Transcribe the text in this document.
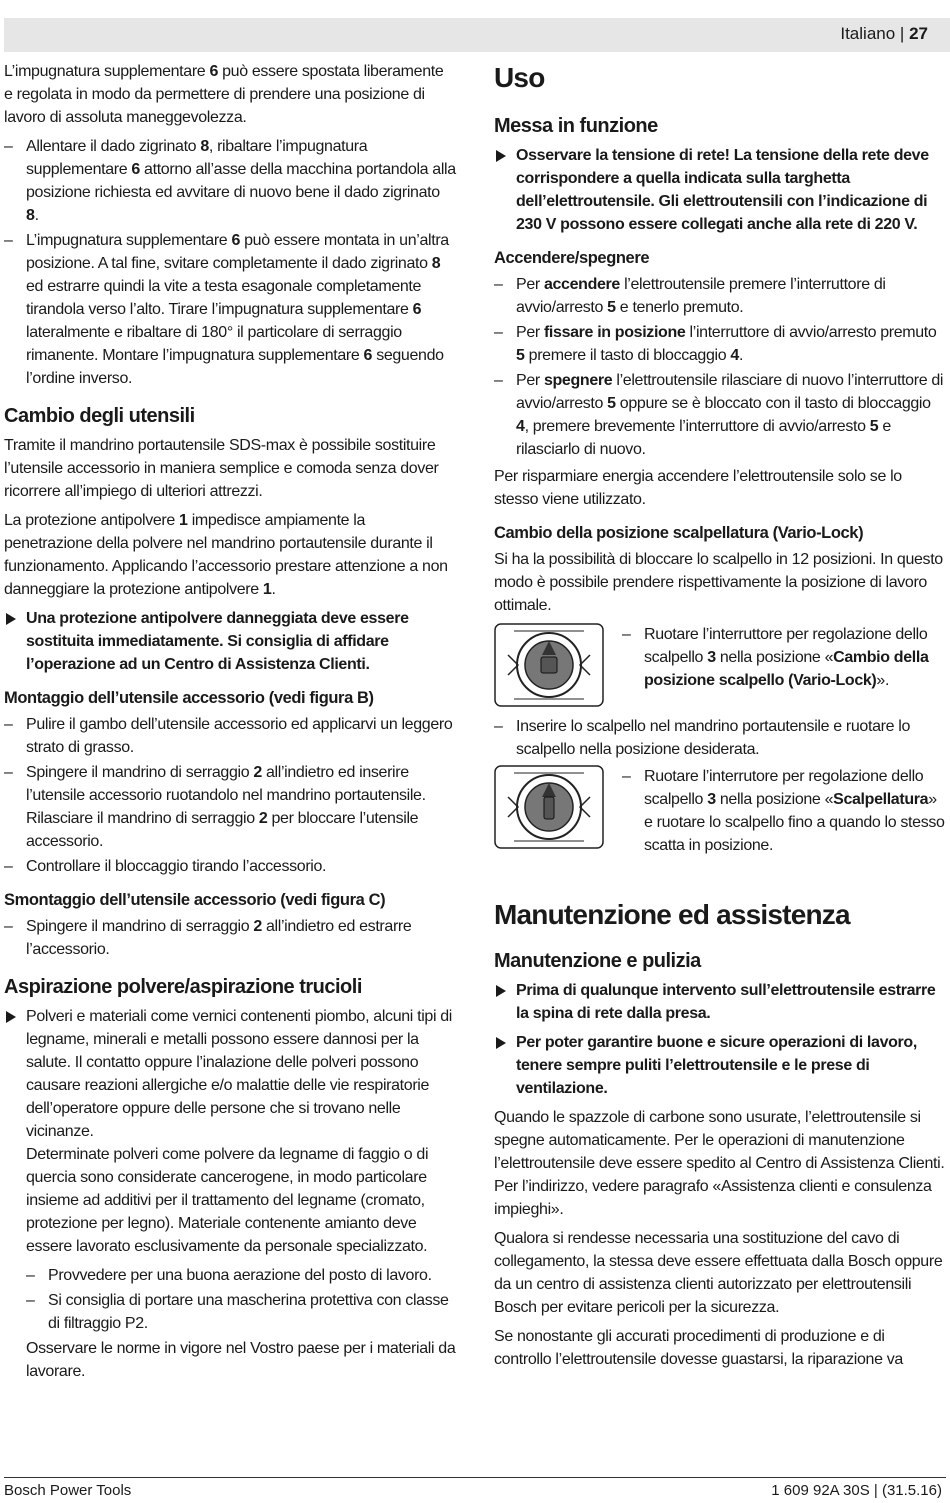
Italiano | 27

L’impugnatura supplementare 6 può essere spostata liberamente e regolata in modo da permettere di prendere una posizione di lavoro di assoluta maneggevolezza.

– Allentare il dado zigrinato 8, ribaltare l’impugnatura supplementare 6 attorno all’asse della macchina portandola alla posizione richiesta ed avvitare di nuovo bene il dado zigrinato 8.
– L’impugnatura supplementare 6 può essere montata in un’altra posizione. A tal fine, svitare completamente il dado zigrinato 8 ed estrarre quindi la vite a testa esagonale completamente tirandola verso l’alto. Tirare l’impugnatura supplementare 6 lateralmente e ribaltare di 180° il particolare di serraggio rimanente. Montare l’impugnatura supplementare 6 seguendo l’ordine inverso.
Cambio degli utensili

Tramite il mandrino portautensile SDS-max è possibile sostituire l’utensile accessorio in maniera semplice e comoda senza dover ricorrere all’impiego di ulteriori attrezzi.

La protezione antipolvere 1 impedisce ampiamente la penetrazione della polvere nel mandrino portautensile durante il funzionamento. Applicando l’accessorio prestare attenzione a non danneggiare la protezione antipolvere 1.

Una protezione antipolvere danneggiata deve essere sostituita immediatamente. Si consiglia di affidare l’operazione ad un Centro di Assistenza Clienti.
Montaggio dell’utensile accessorio (vedi figura B)
– Pulire il gambo dell’utensile accessorio ed applicarvi un leggero strato di grasso.
– Spingere il mandrino di serraggio 2 all’indietro ed inserire l’utensile accessorio ruotandolo nel mandrino portautensile. Rilasciare il mandrino di serraggio 2 per bloccare l’utensile accessorio.
– Controllare il bloccaggio tirando l’accessorio.
Smontaggio dell’utensile accessorio (vedi figura C)
– Spingere il mandrino di serraggio 2 all’indietro ed estrarre l’accessorio.
Aspirazione polvere/aspirazione trucioli
Polveri e materiali come vernici contenenti piombo, alcuni tipi di legname, minerali e metalli possono essere dannosi per la salute. Il contatto oppure l’inalazione delle polveri possono causare reazioni allergiche e/o malattie delle vie respiratorie dell’operatore oppure delle persone che si trovano nelle vicinanze.

Determinate polveri come polvere da legname di faggio o di quercia sono considerate cancerogene, in modo particolare insieme ad additivi per il trattamento del legname (cromato, protezione per legno). Materiale contenente amianto deve essere lavorato esclusivamente da personale specializzato.

– Provvedere per una buona aerazione del posto di lavoro.
– Si consiglia di portare una mascherina protettiva con classe di filtraggio P2.

Osservare le norme in vigore nel Vostro paese per i materiali da lavorare.

Uso
Messa in funzione
Osservare la tensione di rete! La tensione della rete deve corrispondere a quella indicata sulla targhetta dell’elettroutensile. Gli elettroutensili con l’indicazione di 230 V possono essere collegati anche alla rete di 220 V.
Accendere/spegnere
– Per accendere l’elettroutensile premere l’interruttore di avvio/arresto 5 e tenerlo premuto.
– Per fissare in posizione l’interruttore di avvio/arresto premuto 5 premere il tasto di bloccaggio 4.
– Per spegnere l’elettroutensile rilasciare di nuovo l’interruttore di avvio/arresto 5 oppure se è bloccato con il tasto di bloccaggio 4, premere brevemente l’interruttore di avvio/arresto 5 e rilasciarlo di nuovo.

Per risparmiare energia accendere l’elettroutensile solo se lo stesso viene utilizzato.

Cambio della posizione scalpellatura (Vario-Lock)

Si ha la possibilità di bloccare lo scalpello in 12 posizioni. In questo modo è possibile prendere rispettivamente la posizione di lavoro ottimale.

– Ruotare l’interruttore per regolazione dello scalpello 3 nella posizione «Cambio della posizione scalpello (Vario-Lock)».
– Inserire lo scalpello nel mandrino portautensile e ruotare lo scalpello nella posizione desiderata.
– Ruotare l’interrutore per regolazione dello scalpello 3 nella posizione «Scalpellatura» e ruotare lo scalpello fino a quando lo stesso scatta in posizione.
Manutenzione ed assistenza
Manutenzione e pulizia
Prima di qualunque intervento sull’elettroutensile estrarre la spina di rete dalla presa.
Per poter garantire buone e sicure operazioni di lavoro, tenere sempre puliti l’elettroutensile e le prese di ventilazione.

Quando le spazzole di carbone sono usurate, l’elettroutensile si spegne automaticamente. Per le operazioni di manutenzione l’elettroutensile deve essere spedito al Centro di Assistenza Clienti. Per l’indirizzo, vedere paragrafo «Assistenza clienti e consulenza impieghi».

Qualora si rendesse necessaria una sostituzione del cavo di collegamento, la stessa deve essere effettuata dalla Bosch oppure da un centro di assistenza clienti autorizzato per elettroutensili Bosch per evitare pericoli per la sicurezza.

Se nonostante gli accurati procedimenti di produzione e di controllo l’elettroutensile dovesse guastarsi, la riparazione va

Bosch Power Tools	1 609 92A 30S | (31.5.16)
